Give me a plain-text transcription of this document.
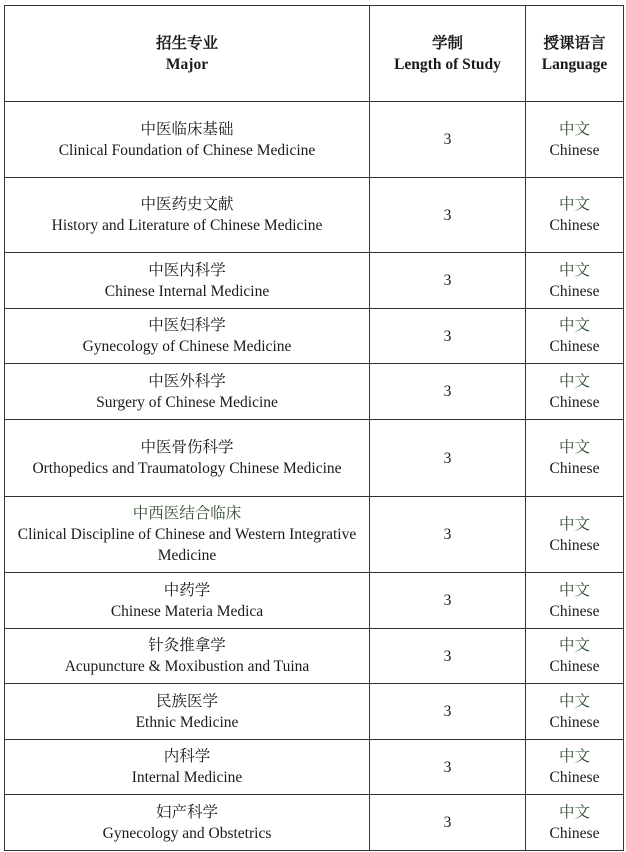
招生专业
Major	学制
Length of Study	授课语言
Language

中医临床基础
Clinical Foundation of Chinese Medicine	3	中文
Chinese

中医药史文献
History and Literature of Chinese Medicine	3	中文
Chinese

中医内科学
Chinese Internal Medicine	3	中文
Chinese

中医妇科学
Gynecology of Chinese Medicine	3	中文
Chinese

中医外科学
Surgery of Chinese Medicine	3	中文
Chinese

中医骨伤科学
Orthopedics and Traumatology Chinese Medicine	3	中文
Chinese

中西医结合临床
Clinical Discipline of Chinese and Western Integrative Medicine	3	中文
Chinese

中药学
Chinese Materia Medica	3	中文
Chinese

针灸推拿学
Acupuncture & Moxibustion and Tuina	3	中文
Chinese

民族医学
Ethnic Medicine	3	中文
Chinese

内科学
Internal Medicine	3	中文
Chinese

妇产科学
Gynecology and Obstetrics	3	中文
Chinese
